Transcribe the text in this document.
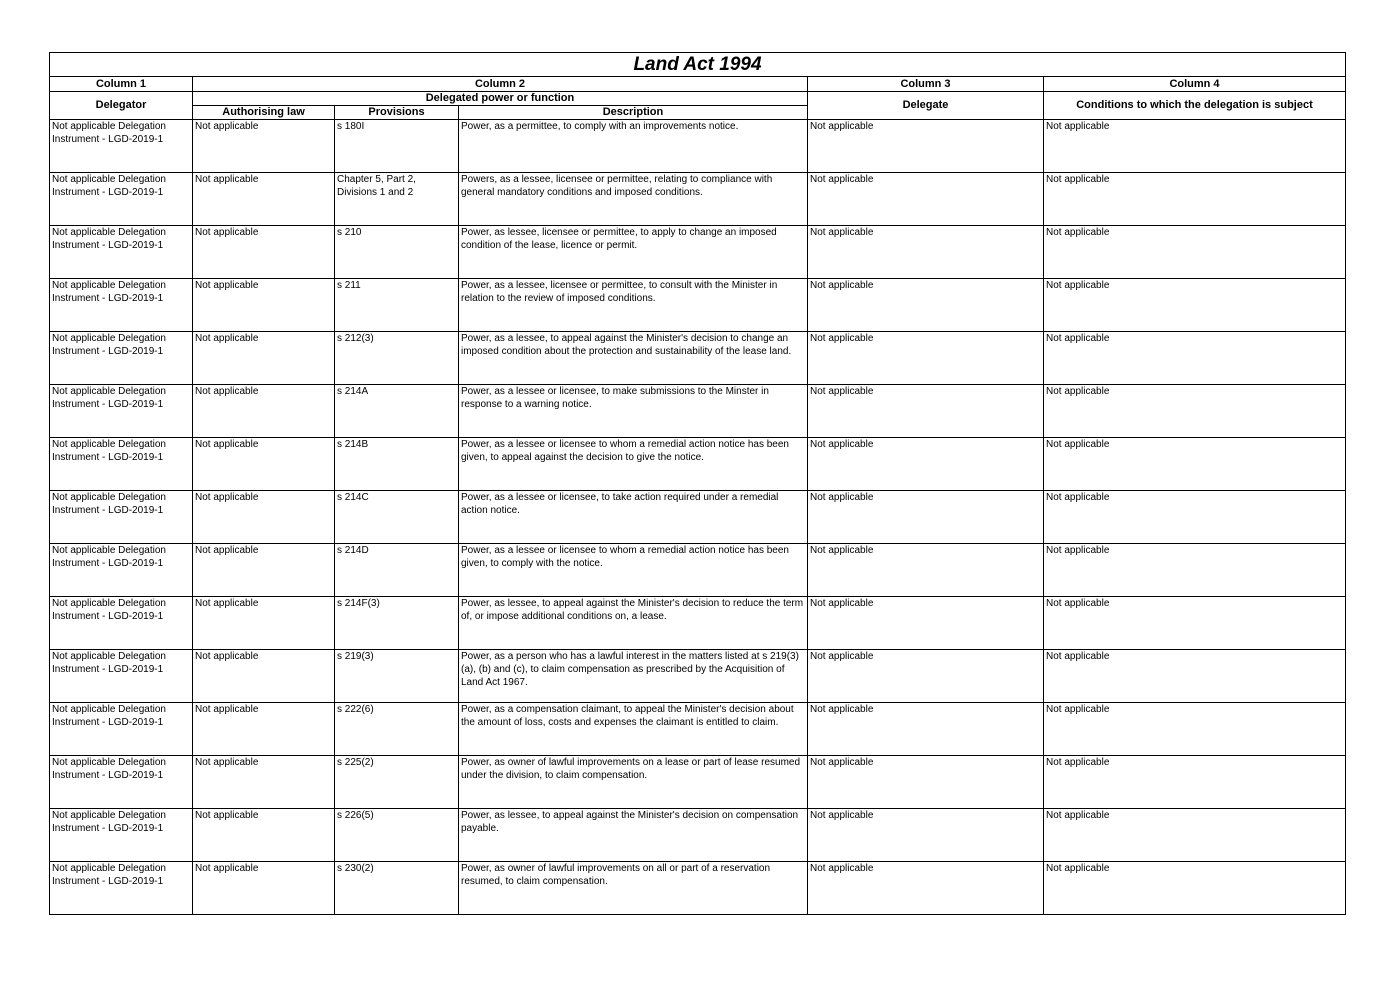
Land Act 1994					
Column 1	Column 2			Column 3	Column 4
Delegator	Delegated power or function			Delegate	Conditions to which the delegation is subject
	Authorising law	Provisions	Description		
Not applicable Delegation Instrument - LGD-2019-1	Not applicable	s 180I	Power, as a permittee, to comply with an improvements notice.	Not applicable	Not applicable
Not applicable Delegation Instrument - LGD-2019-1	Not applicable	Chapter 5, Part 2, Divisions 1 and 2	Powers, as a lessee, licensee or permittee, relating to compliance with general mandatory conditions and imposed conditions.	Not applicable	Not applicable
Not applicable Delegation Instrument - LGD-2019-1	Not applicable	s 210	Power, as lessee, licensee or permittee, to apply to change an imposed condition of the lease, licence or permit.	Not applicable	Not applicable
Not applicable Delegation Instrument - LGD-2019-1	Not applicable	s 211	Power, as a lessee, licensee or permittee, to consult with the Minister in relation to the review of imposed conditions.	Not applicable	Not applicable
Not applicable Delegation Instrument - LGD-2019-1	Not applicable	s 212(3)	Power, as a lessee, to appeal against the Minister's decision to change an imposed condition about the protection and sustainability of the lease land.	Not applicable	Not applicable
Not applicable Delegation Instrument - LGD-2019-1	Not applicable	s 214A	Power, as a lessee or licensee, to make submissions to the Minster in response to a warning notice.	Not applicable	Not applicable
Not applicable Delegation Instrument - LGD-2019-1	Not applicable	s 214B	Power, as a lessee or licensee to whom a remedial action notice has been given, to appeal against the decision to give the notice.	Not applicable	Not applicable
Not applicable Delegation Instrument - LGD-2019-1	Not applicable	s 214C	Power, as a lessee or licensee, to take action required under a remedial action notice.	Not applicable	Not applicable
Not applicable Delegation Instrument - LGD-2019-1	Not applicable	s 214D	Power, as a lessee or licensee to whom a remedial action notice has been given, to comply with the notice.	Not applicable	Not applicable
Not applicable Delegation Instrument - LGD-2019-1	Not applicable	s 214F(3)	Power, as lessee, to appeal against the Minister's decision to reduce the term of, or impose additional conditions on, a lease.	Not applicable	Not applicable
Not applicable Delegation Instrument - LGD-2019-1	Not applicable	s 219(3)	Power, as a person who has a lawful interest in the matters listed at s 219(3)(a), (b) and (c), to claim compensation as prescribed by the Acquisition of Land Act 1967.	Not applicable	Not applicable
Not applicable Delegation Instrument - LGD-2019-1	Not applicable	s 222(6)	Power, as a compensation claimant, to appeal the Minister's decision about the amount of loss, costs and expenses the claimant is entitled to claim.	Not applicable	Not applicable
Not applicable Delegation Instrument - LGD-2019-1	Not applicable	s 225(2)	Power, as owner of lawful improvements on a lease or part of lease resumed under the division, to claim compensation.	Not applicable	Not applicable
Not applicable Delegation Instrument - LGD-2019-1	Not applicable	s 226(5)	Power, as lessee, to appeal against the Minister's decision on compensation payable.	Not applicable	Not applicable
Not applicable Delegation Instrument - LGD-2019-1	Not applicable	s 230(2)	Power, as owner of lawful improvements on all or part of a reservation resumed, to claim compensation.	Not applicable	Not applicable
